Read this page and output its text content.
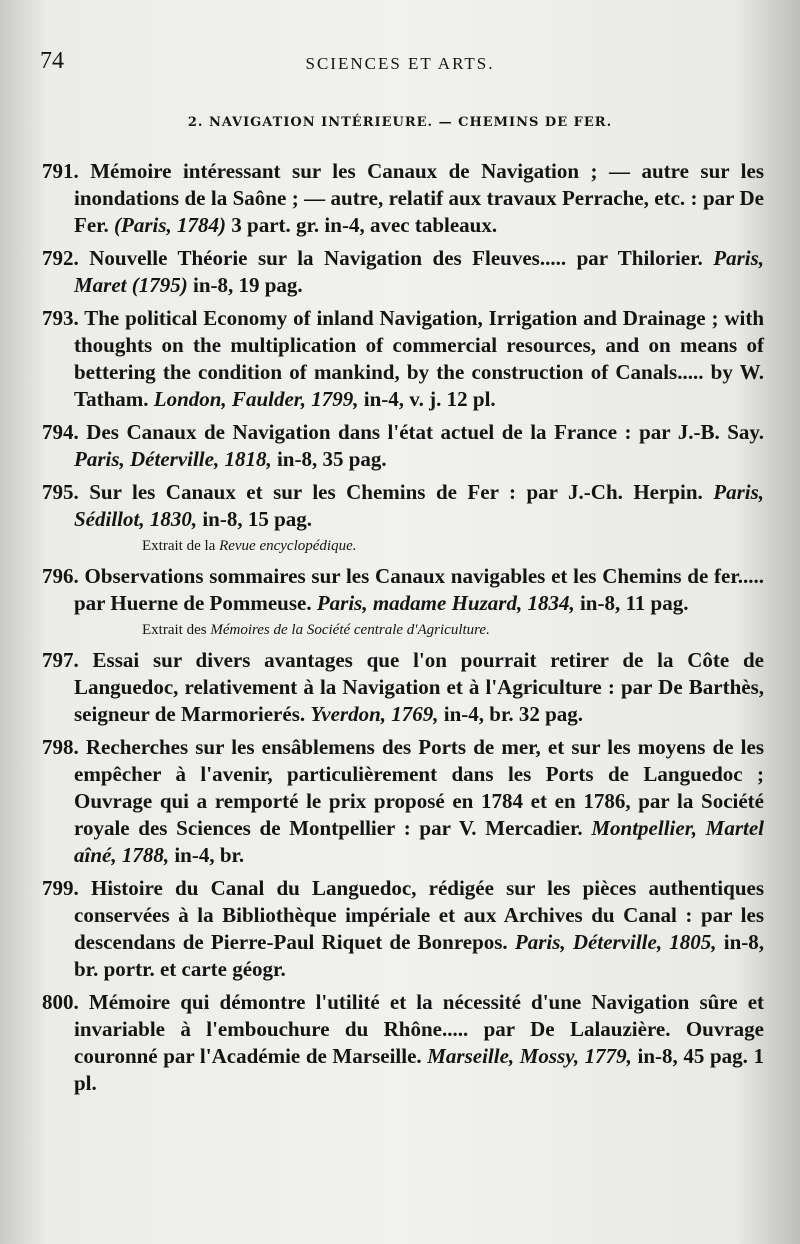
74	SCIENCES ET ARTS.
2. NAVIGATION INTÉRIEURE. — CHEMINS DE FER.

791. Mémoire intéressant sur les Canaux de Navigation ; — autre sur les inondations de la Saône ; — autre, relatif aux travaux Perrache, etc. : par De Fer. (Paris, 1784) 3 part. gr. in-4, avec tableaux.

792. Nouvelle Théorie sur la Navigation des Fleuves..... par Thilorier. Paris, Maret (1795) in-8, 19 pag.

793. The political Economy of inland Navigation, Irrigation and Drainage ; with thoughts on the multiplication of commercial resources, and on means of bettering the condition of mankind, by the construction of Canals..... by W. Tatham. London, Faulder, 1799, in-4, v. j. 12 pl.

794. Des Canaux de Navigation dans l'état actuel de la France : par J.-B. Say. Paris, Déterville, 1818, in-8, 35 pag.

795. Sur les Canaux et sur les Chemins de Fer : par J.-Ch. Herpin. Paris, Sédillot, 1830, in-8, 15 pag.

Extrait de la Revue encyclopédique.

796. Observations sommaires sur les Canaux navigables et les Chemins de fer..... par Huerne de Pommeuse. Paris, madame Huzard, 1834, in-8, 11 pag.

Extrait des Mémoires de la Société centrale d'Agriculture.

797. Essai sur divers avantages que l'on pourrait retirer de la Côte de Languedoc, relativement à la Navigation et à l'Agriculture : par De Barthès, seigneur de Marmorierés. Yverdon, 1769, in-4, br. 32 pag.

798. Recherches sur les ensâblemens des Ports de mer, et sur les moyens de les empêcher à l'avenir, particulièrement dans les Ports de Languedoc ; Ouvrage qui a remporté le prix proposé en 1784 et en 1786, par la Société royale des Sciences de Montpellier : par V. Mercadier. Montpellier, Martel aîné, 1788, in-4, br.

799. Histoire du Canal du Languedoc, rédigée sur les pièces authentiques conservées à la Bibliothèque impériale et aux Archives du Canal : par les descendans de Pierre-Paul Riquet de Bonrepos. Paris, Déterville, 1805, in-8, br. portr. et carte géogr.

800. Mémoire qui démontre l'utilité et la nécessité d'une Navigation sûre et invariable à l'embouchure du Rhône..... par De Lalauzière. Ouvrage couronné par l'Académie de Marseille. Marseille, Mossy, 1779, in-8, 45 pag. 1 pl.
